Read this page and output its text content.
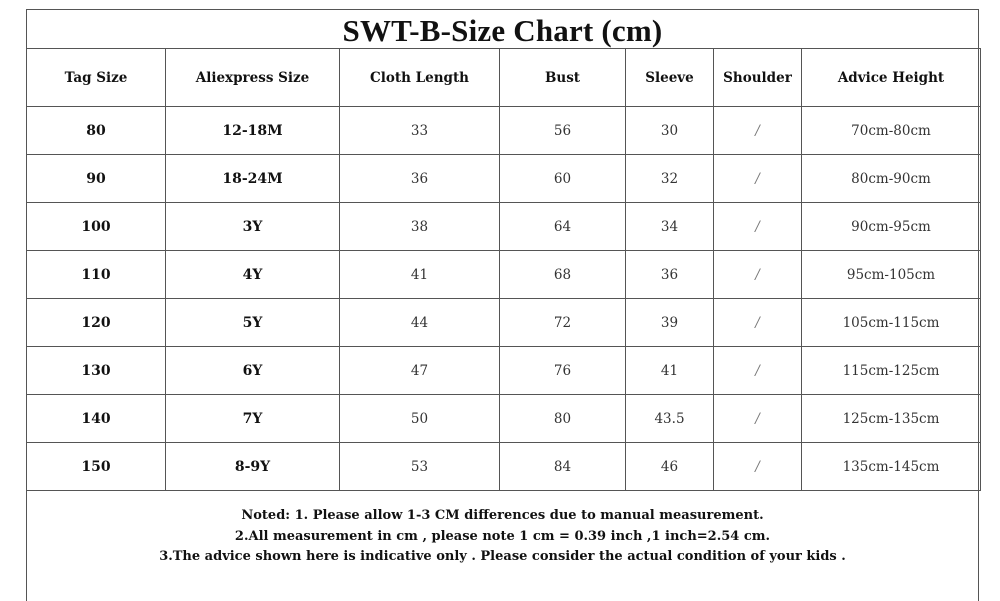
SWT-B-Size Chart (cm)
Tag Size	Aliexpress Size	Cloth Length	Bust	Sleeve	Shoulder	Advice Height
80	12-18M	33	56	30	/	70cm-80cm
90	18-24M	36	60	32	/	80cm-90cm
100	3Y	38	64	34	/	90cm-95cm
110	4Y	41	68	36	/	95cm-105cm
120	5Y	44	72	39	/	105cm-115cm
130	6Y	47	76	41	/	115cm-125cm
140	7Y	50	80	43.5	/	125cm-135cm
150	8-9Y	53	84	46	/	135cm-145cm
Noted: 1. Please allow 1-3 CM differences due to manual measurement.
2.All measurement in cm , please note 1 cm = 0.39 inch ,1 inch=2.54 cm.
3.The advice shown here is indicative only . Please consider the actual condition of your kids .
